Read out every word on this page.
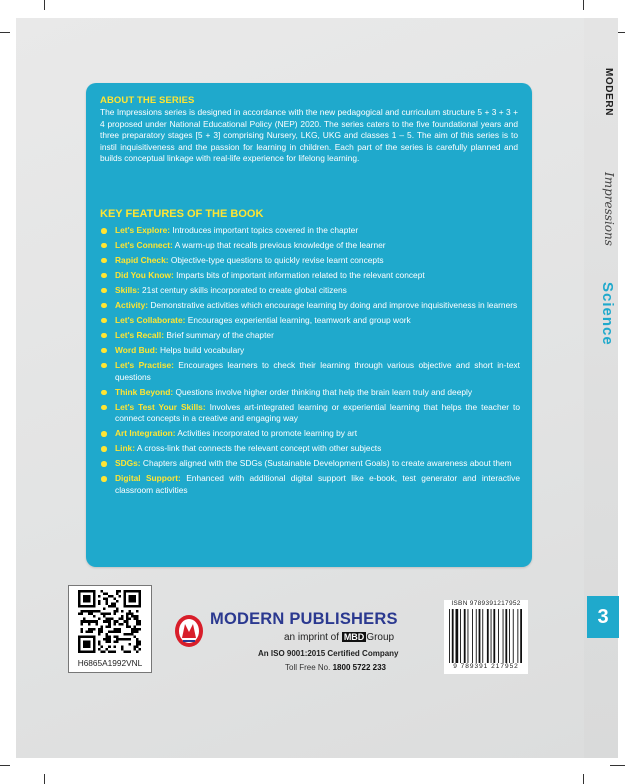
ABOUT THE SERIES
The Impressions series is designed in accordance with the new pedagogical and curriculum structure 5 + 3 + 3 + 4 proposed under National Educational Policy (NEP) 2020. The series caters to the five foundational years and three preparatory stages [5 + 3] comprising Nursery, LKG, UKG and classes 1 – 5. The aim of this series is to instil inquisitiveness and the passion for learning in children. Each part of the series is carefully planned and builds conceptual linkage with real-life experience for lifelong learning.
KEY FEATURES OF THE BOOK
Let's Explore: Introduces important topics covered in the chapter
Let's Connect: A warm-up that recalls previous knowledge of the learner
Rapid Check: Objective-type questions to quickly revise learnt concepts
Did You Know: Imparts bits of important information related to the relevant concept
Skills: 21st century skills incorporated to create global citizens
Activity: Demonstrative activities which encourage learning by doing and improve inquisitiveness in learners
Let's Collaborate: Encourages experiential learning, teamwork and group work
Let's Recall: Brief summary of the chapter
Word Bud: Helps build vocabulary
Let's Practise: Encourages learners to check their learning through various objective and short in-text questions
Think Beyond: Questions involve higher order thinking that help the brain learn truly and deeply
Let's Test Your Skills: Involves art-integrated learning or experiential learning that helps the teacher to connect concepts in a creative and engaging way
Art Integration: Activities incorporated to promote learning by art
Link: A cross-link that connects the relevant concept with other subjects
SDGs: Chapters aligned with the SDGs (Sustainable Development Goals) to create awareness about them
Digital Support: Enhanced with additional digital support like e-book, test generator and interactive classroom activities
H6865A1992VNL
MODERN PUBLISHERS
an imprint of MBD Group
An ISO 9001:2015 Certified Company
Toll Free No. 1800 5722 233
ISBN 9789391217952
9 789391 217952
MODERN
Impressions
Science
3
